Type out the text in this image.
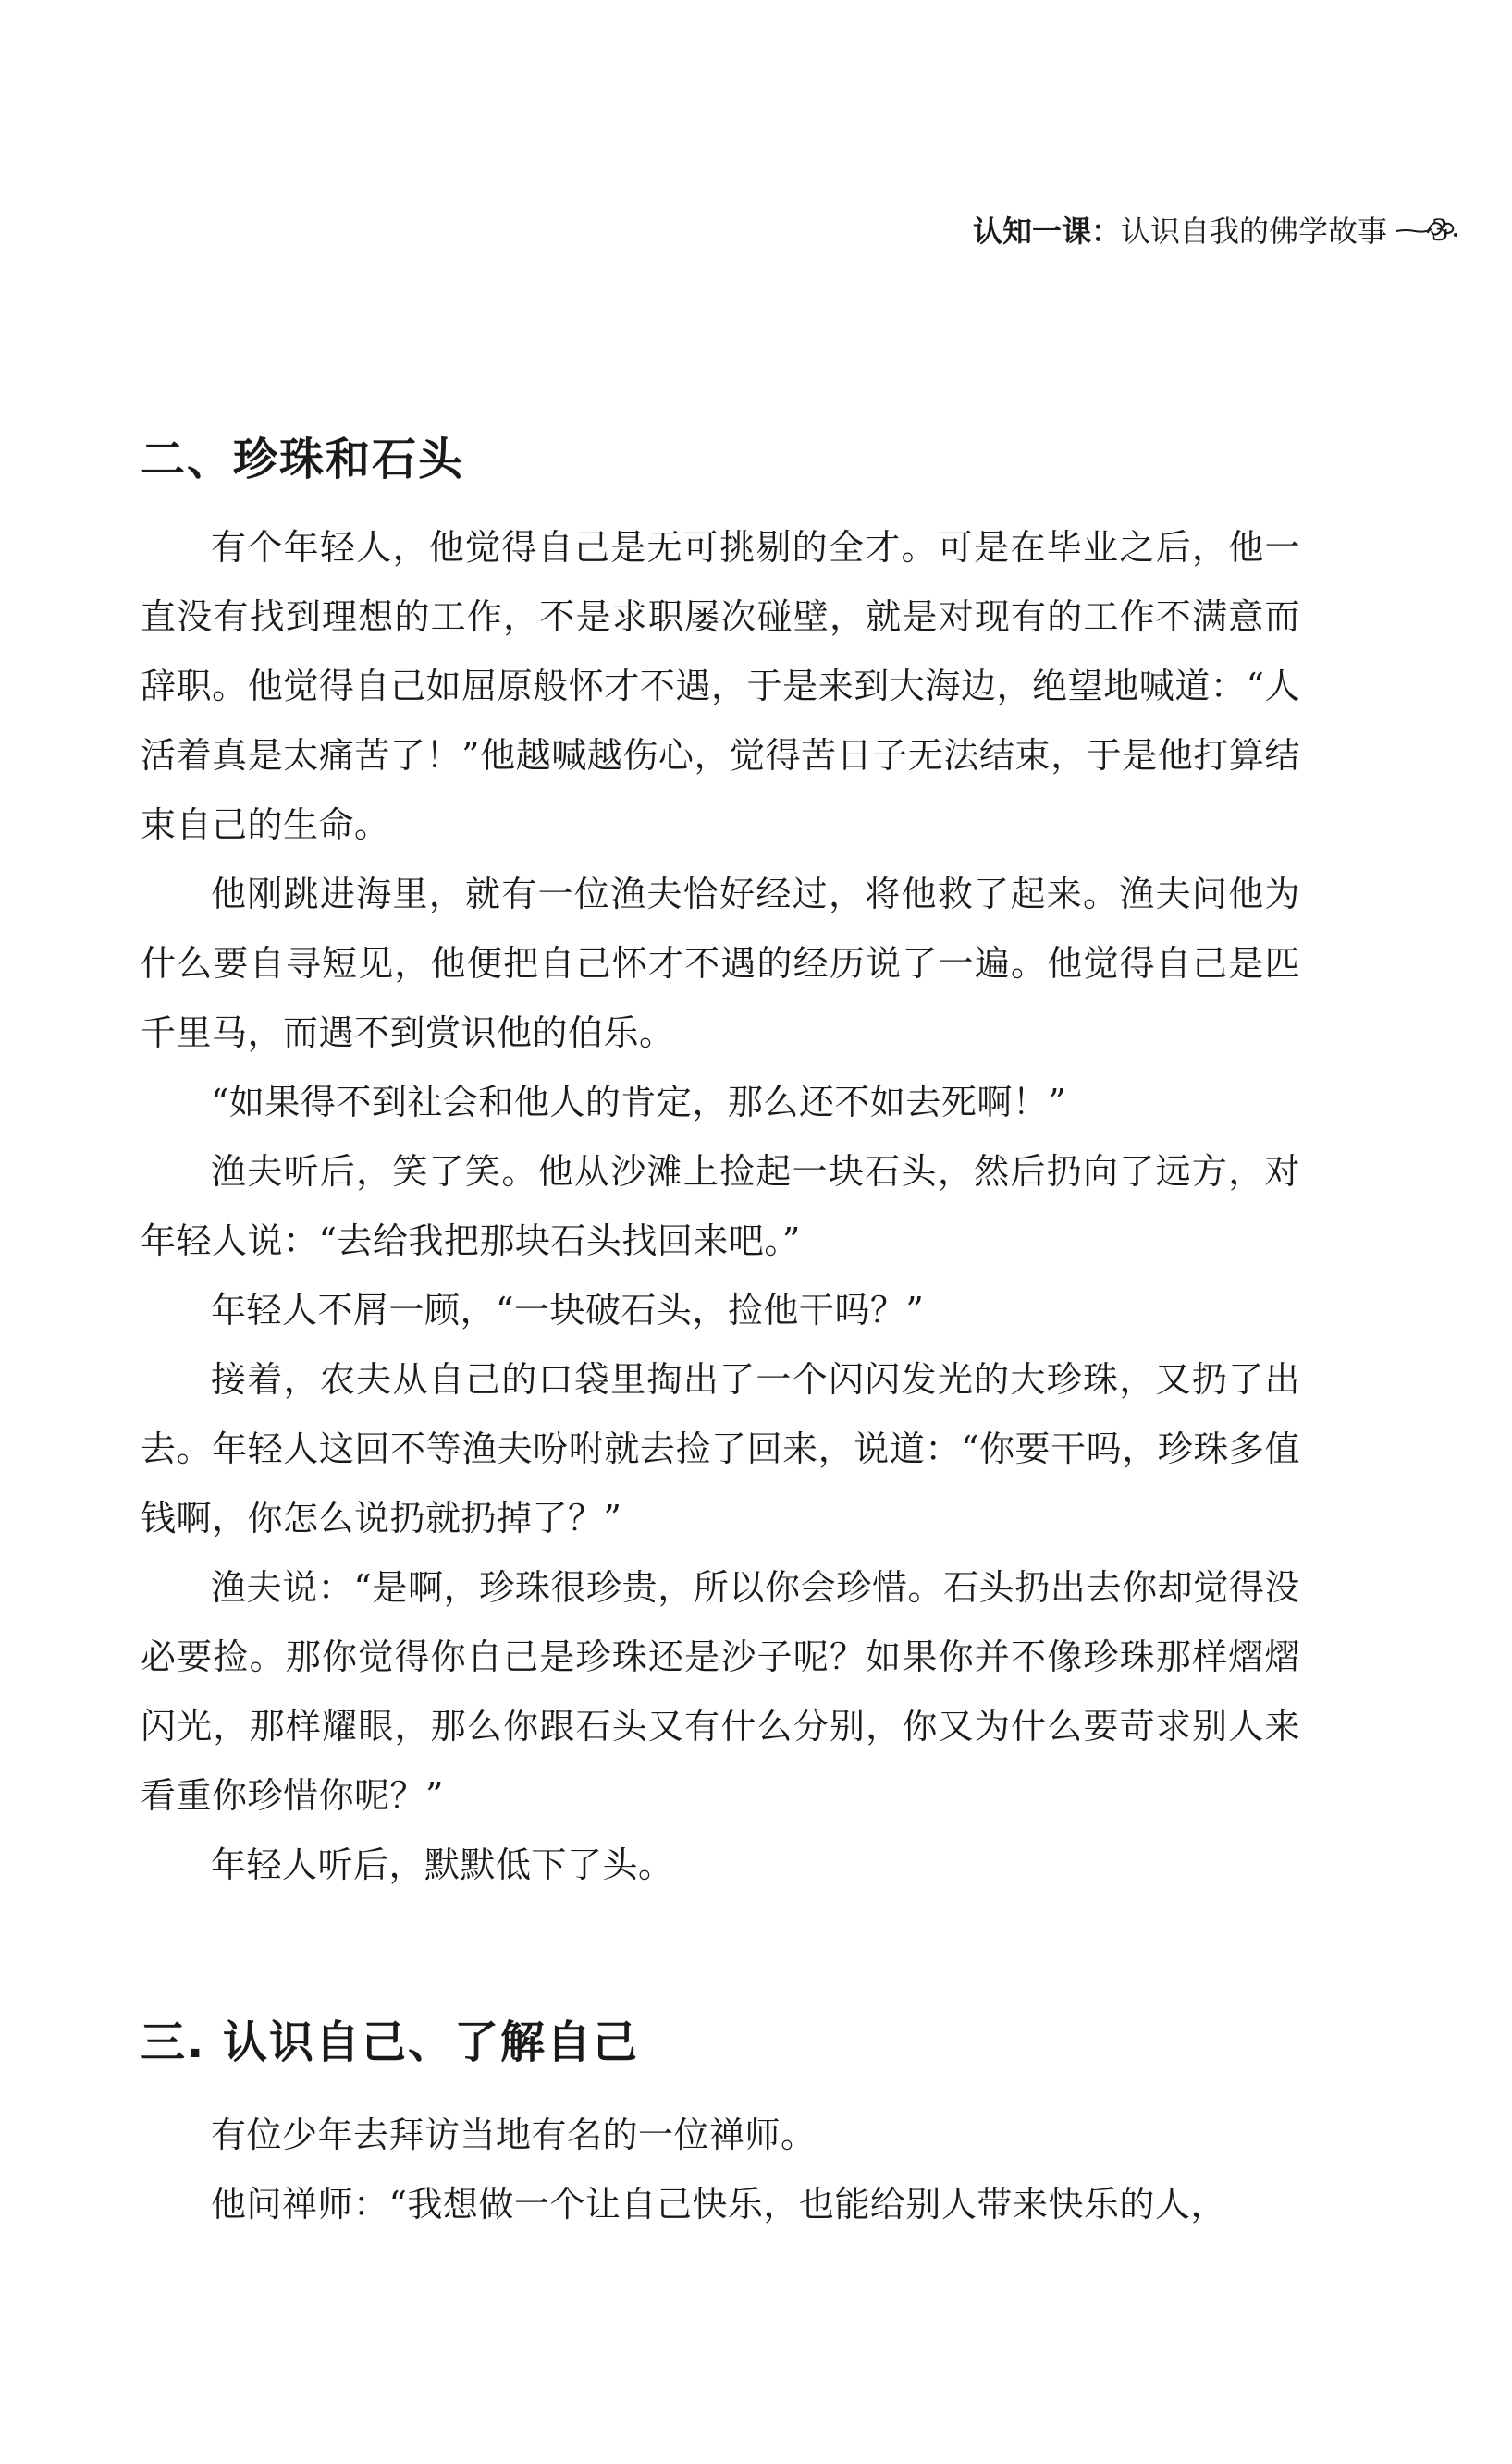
认知一课： 认识自我的佛学故事 3
二、珍珠和石头

有个年轻人，他觉得自己是无可挑剔的全才。可是在毕业之后，他一直没有找到理想的工作，不是求职屡次碰壁，就是对现有的工作不满意而辞职。他觉得自己如屈原般怀才不遇，于是来到大海边，绝望地喊道：“人活着真是太痛苦了！”他越喊越伤心，觉得苦日子无法结束，于是他打算结束自己的生命。

他刚跳进海里，就有一位渔夫恰好经过，将他救了起来。渔夫问他为什么要自寻短见，他便把自己怀才不遇的经历说了一遍。他觉得自己是匹千里马，而遇不到赏识他的伯乐。

“如果得不到社会和他人的肯定，那么还不如去死啊！”

渔夫听后，笑了笑。他从沙滩上捡起一块石头，然后扔向了远方，对年轻人说：“去给我把那块石头找回来吧。”

年轻人不屑一顾，“一块破石头，捡他干吗？”

接着，农夫从自己的口袋里掏出了一个闪闪发光的大珍珠，又扔了出去。年轻人这回不等渔夫吩咐就去捡了回来，说道：“你要干吗，珍珠多值钱啊，你怎么说扔就扔掉了？”

渔夫说：“是啊，珍珠很珍贵，所以你会珍惜。石头扔出去你却觉得没必要捡。那你觉得你自己是珍珠还是沙子呢？如果你并不像珍珠那样熠熠闪光，那样耀眼，那么你跟石头又有什么分别，你又为什么要苛求别人来看重你珍惜你呢？”

年轻人听后，默默低下了头。

三. 认识自己、了解自己

有位少年去拜访当地有名的一位禅师。

他问禅师：“我想做一个让自己快乐，也能给别人带来快乐的人，
